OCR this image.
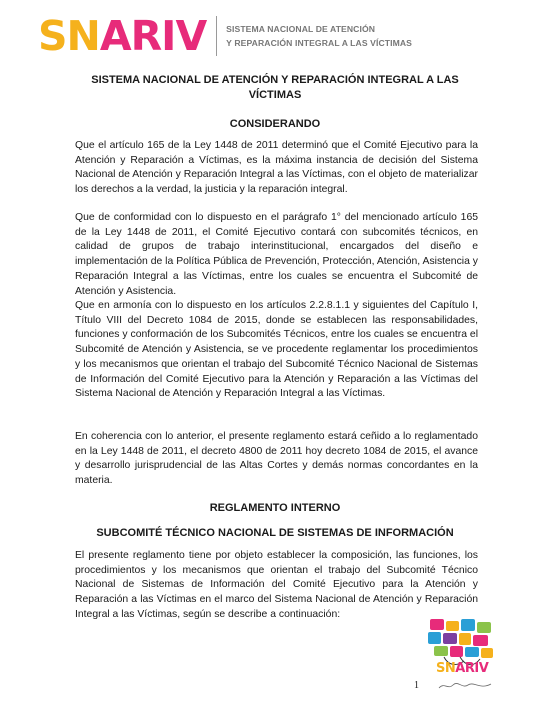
S N A R I V SISTEMA NACIONAL DE ATENCIÓN
Y REPARACIÓN INTEGRAL A LAS VÍCTIMAS
SISTEMA NACIONAL DE ATENCIÓN Y REPARACIÓN INTEGRAL A LAS VÍCTIMAS
CONSIDERANDO
Que el artículo 165 de la Ley 1448 de 2011 determinó que el Comité Ejecutivo para la Atención y Reparación a Víctimas, es la máxima instancia de decisión del Sistema Nacional de Atención y Reparación Integral a las Víctimas, con el objeto de materializar los derechos a la verdad, la justicia y la reparación integral.
Que de conformidad con lo dispuesto en el parágrafo 1° del mencionado artículo 165 de la Ley 1448 de 2011, el Comité Ejecutivo contará con subcomités técnicos, en calidad de grupos de trabajo interinstitucional, encargados del diseño e implementación de la Política Pública de Prevención, Protección, Atención, Asistencia y Reparación Integral a las Víctimas, entre los cuales se encuentra el Subcomité de Atención y Asistencia.
Que en armonía con lo dispuesto en los artículos 2.2.8.1.1 y siguientes del Capítulo I, Título VIII del Decreto 1084 de 2015, donde se establecen las responsabilidades, funciones y conformación de los Subcomités Técnicos, entre los cuales se encuentra el Subcomité de Atención y Asistencia, se ve procedente reglamentar los procedimientos y los mecanismos que orientan el trabajo del Subcomité Técnico Nacional de Sistemas de Información del Comité Ejecutivo para la Atención y Reparación a las Víctimas del Sistema Nacional de Atención y Reparación Integral a las Víctimas.
En coherencia con lo anterior, el presente reglamento estará ceñido a lo reglamentado en la Ley 1448 de 2011, el decreto 4800 de 2011 hoy decreto 1084 de 2015, el avance y desarrollo jurisprudencial de las Altas Cortes y demás normas concordantes en la materia.
REGLAMENTO INTERNO
SUBCOMITÉ TÉCNICO NACIONAL DE SISTEMAS DE INFORMACIÓN
El presente reglamento tiene por objeto establecer la composición, las funciones, los procedimientos y los mecanismos que orientan el trabajo del Subcomité Técnico Nacional de Sistemas de Información del Comité Ejecutivo para la Atención y Reparación a las Víctimas en el marco del Sistema Nacional de Atención y Reparación Integral a las Víctimas, según se describe a continuación:
1
SNARIV
